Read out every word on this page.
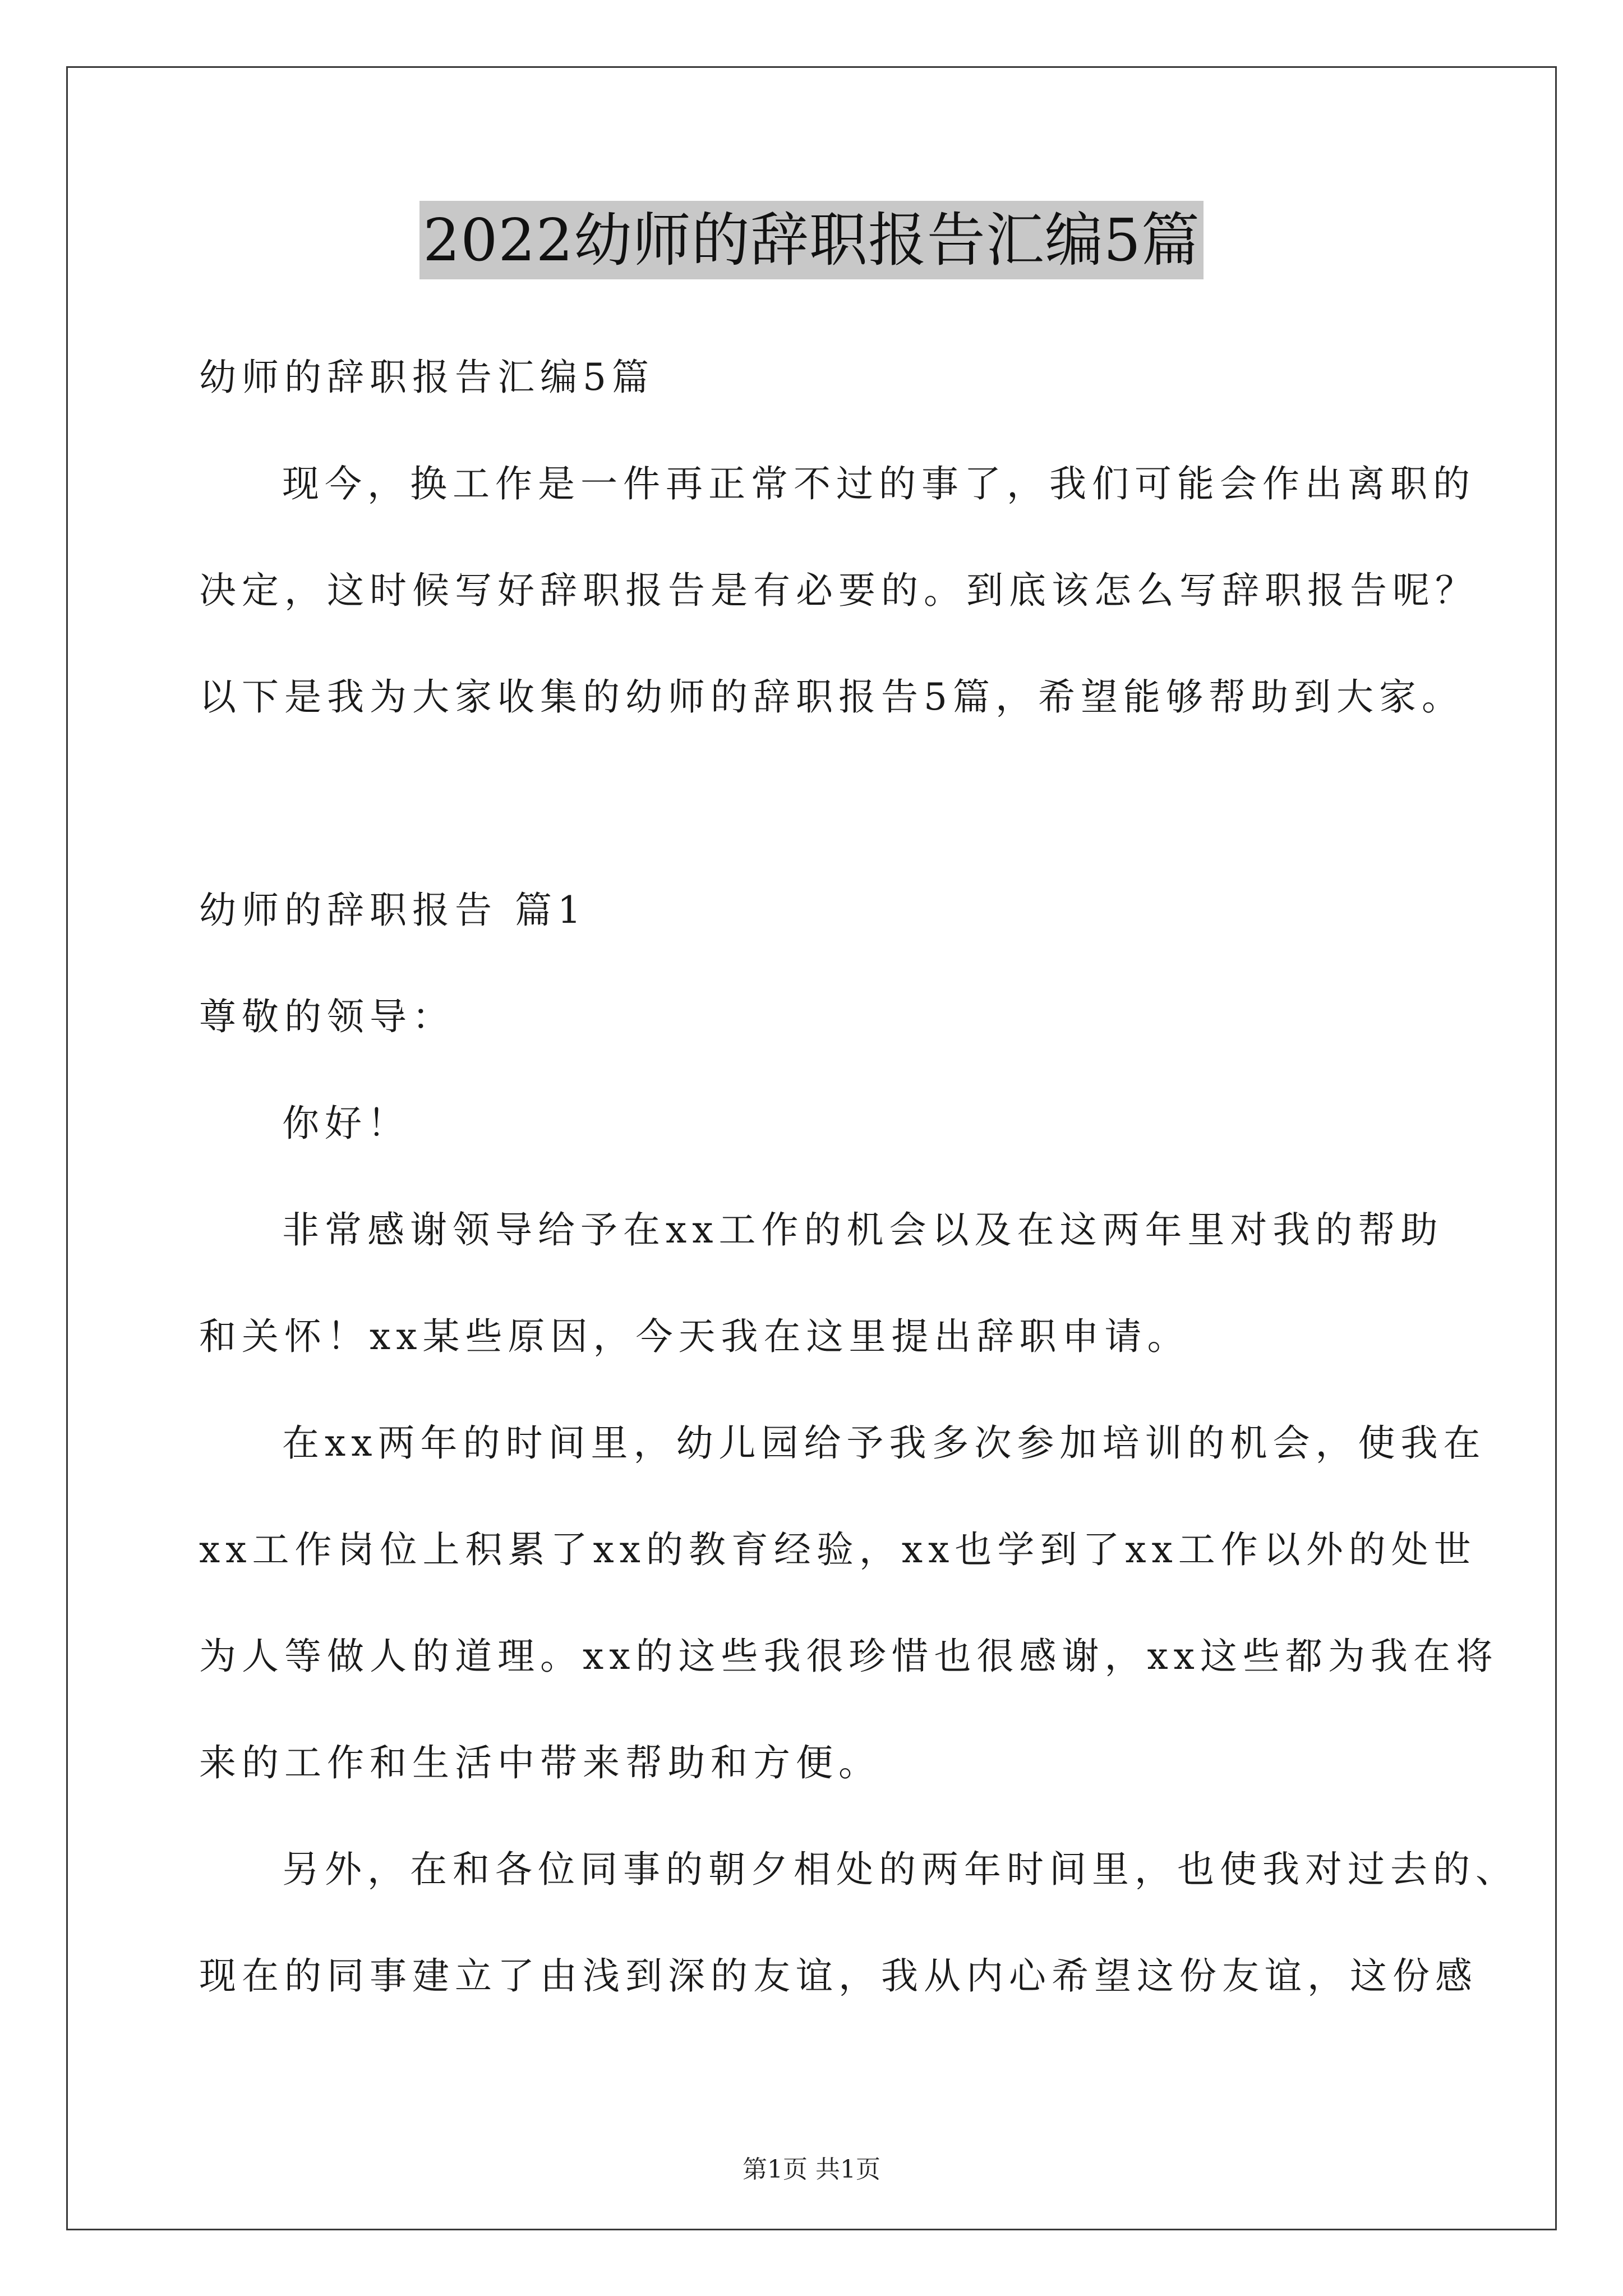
2022幼师的辞职报告汇编5篇
幼师的辞职报告汇编5篇
现今，换工作是一件再正常不过的事了，我们可能会作出离职的
决定，这时候写好辞职报告是有必要的。到底该怎么写辞职报告呢？
以下是我为大家收集的幼师的辞职报告5篇，希望能够帮助到大家。
幼师的辞职报告 篇1
尊敬的领导：
你好！
非常感谢领导给予在xx工作的机会以及在这两年里对我的帮助
和关怀！xx某些原因，今天我在这里提出辞职申请。
在xx两年的时间里，幼儿园给予我多次参加培训的机会，使我在
xx工作岗位上积累了xx的教育经验，xx也学到了xx工作以外的处世
为人等做人的道理。xx的这些我很珍惜也很感谢，xx这些都为我在将
来的工作和生活中带来帮助和方便。
另外，在和各位同事的朝夕相处的两年时间里，也使我对过去的、
现在的同事建立了由浅到深的友谊，我从内心希望这份友谊，这份感
第1页 共1页
